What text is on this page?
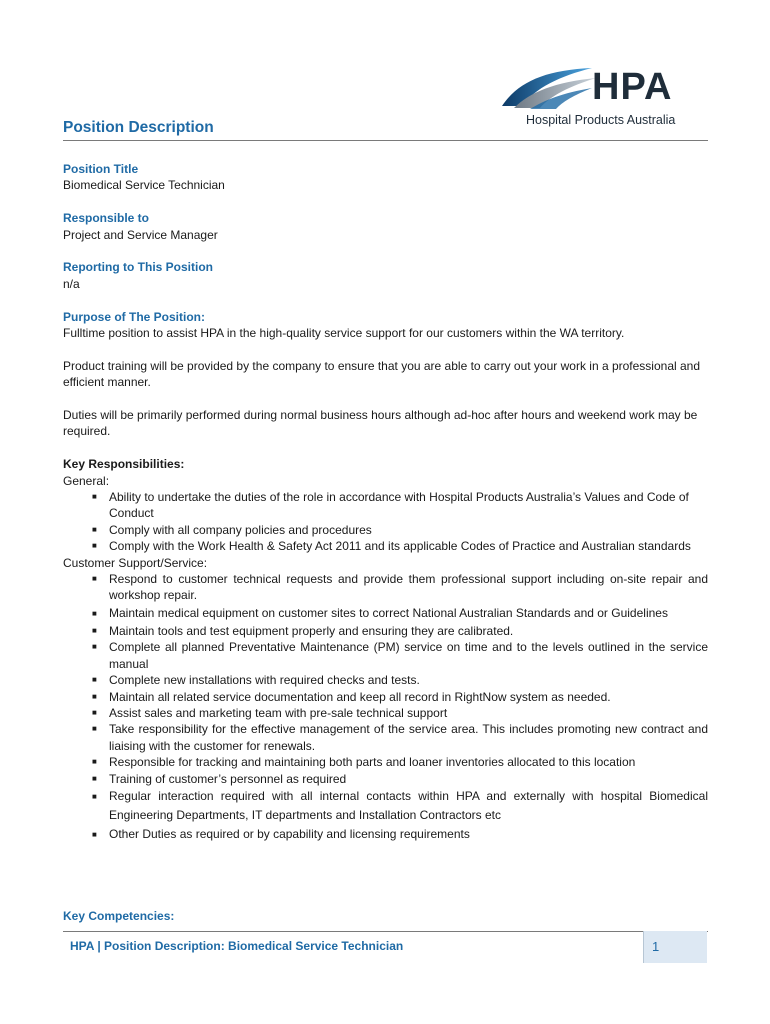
HPA
Hospital Products Australia
Position Description
Position Title
Biomedical Service Technician
Responsible to
Project and Service Manager
Reporting to This Position
n/a
Purpose of The Position:

Fulltime position to assist HPA in the high-quality service support for our customers within the WA territory.

Product training will be provided by the company to ensure that you are able to carry out your work in a professional and efficient manner.

Duties will be primarily performed during normal business hours although ad-hoc after hours and weekend work may be required.

Key Responsibilities:
General:
■ Ability to undertake the duties of the role in accordance with Hospital Products Australia’s Values and Code of Conduct
■ Comply with all company policies and procedures
■ Comply with the Work Health & Safety Act 2011 and its applicable Codes of Practice and Australian standards
Customer Support/Service:
■ Respond to customer technical requests and provide them professional support including on-site repair and workshop repair.
■ Maintain medical equipment on customer sites to correct National Australian Standards and or Guidelines
■ Maintain tools and test equipment properly and ensuring they are calibrated.
■ Complete all planned Preventative Maintenance (PM) service on time and to the levels outlined in the service manual
■ Complete new installations with required checks and tests.
■ Maintain all related service documentation and keep all record in RightNow system as needed.
■ Assist sales and marketing team with pre-sale technical support
■ Take responsibility for the effective management of the service area. This includes promoting new contract and liaising with the customer for renewals.
■ Responsible for tracking and maintaining both parts and loaner inventories allocated to this location
■ Training of customer’s personnel as required
■ Regular interaction required with all internal contacts within HPA and externally with hospital Biomedical Engineering Departments, IT departments and Installation Contractors etc
■ Other Duties as required or by capability and licensing requirements
Key Competencies:
HPA | Position Description: Biomedical Service Technician	1
